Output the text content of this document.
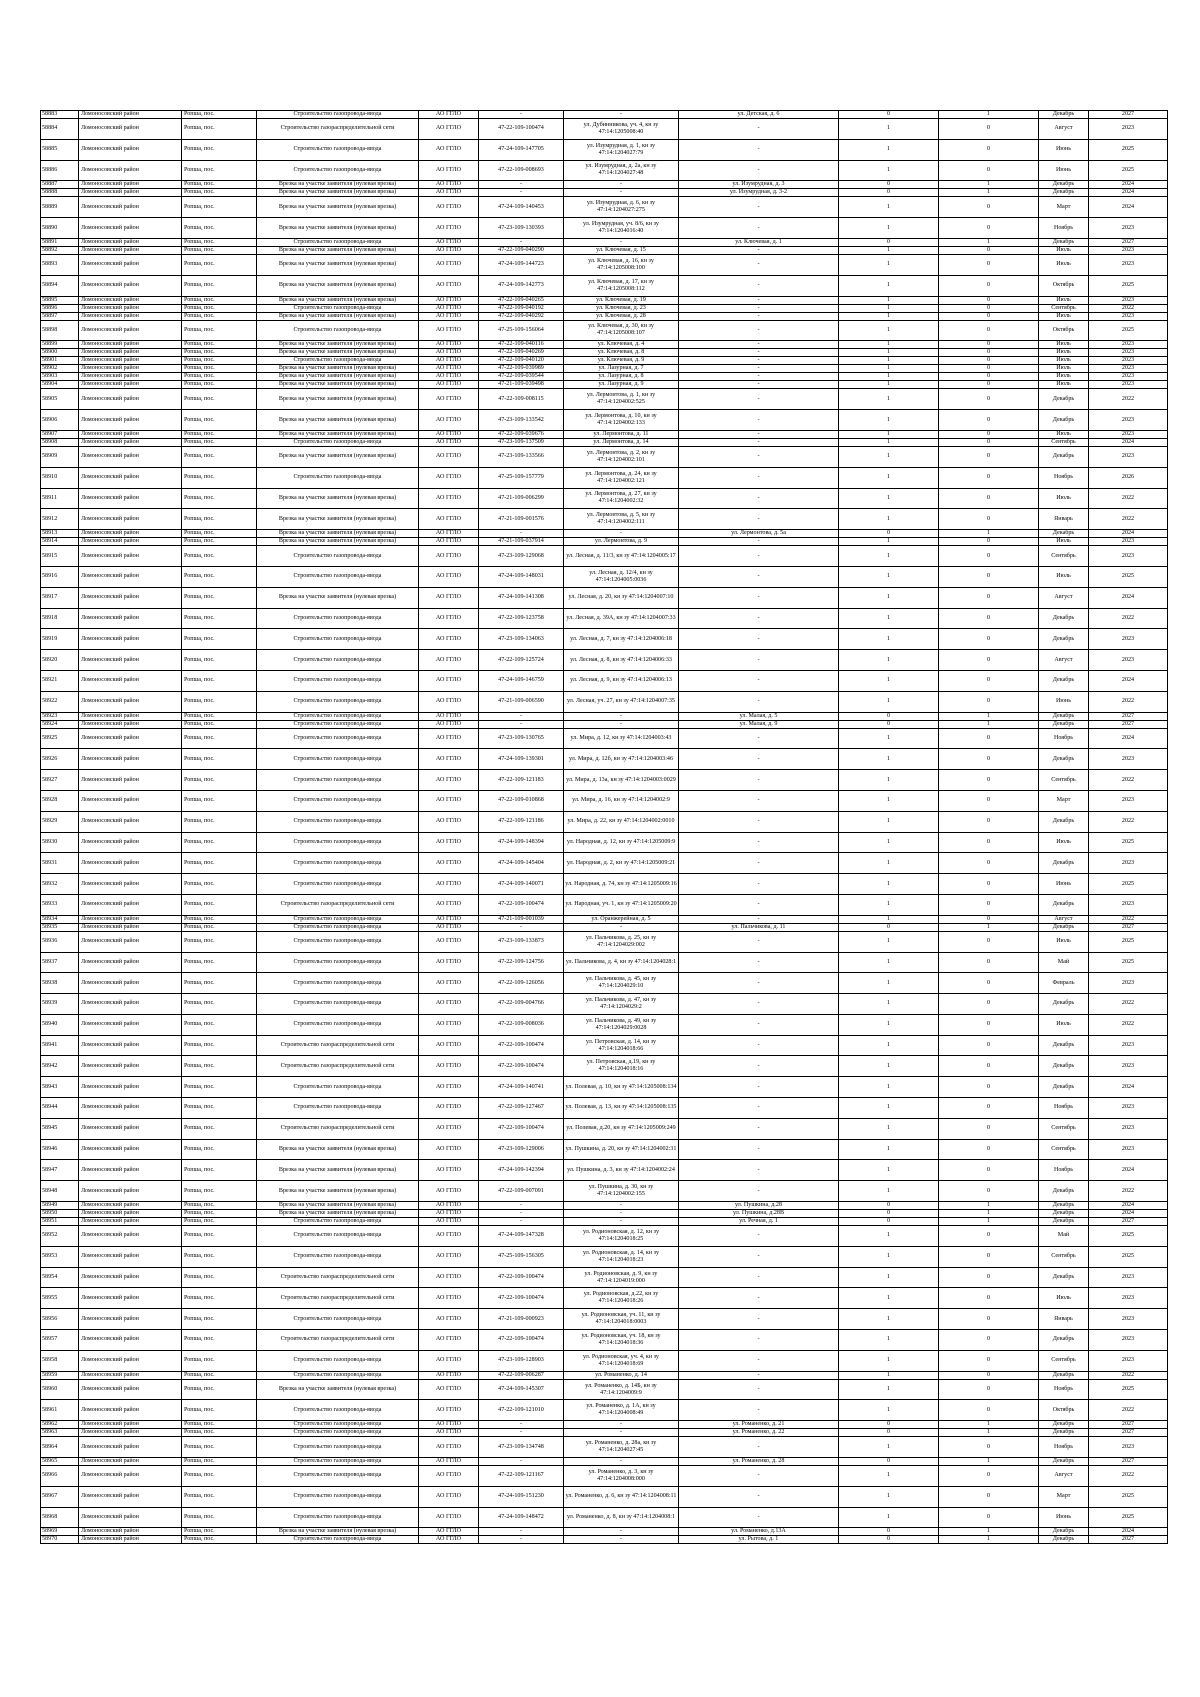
58883	Ломоносовский район	Ропша, пос.	Строительство газопровода-ввода	АО ГГЛО	-	-	ул. Детская, д. 6	0	1	Декабрь	2027
58884	Ломоносовский район	Ропша, пос.	Строительство газораспределительной сети	АО ГГЛО	47-22-109-100474	ул. Дубинникова, уч. 4, кн зу 47:14:1205008:40	-	1	0	Август	2023
58885	Ломоносовский район	Ропша, пос.	Строительство газопровода-ввода	АО ГГЛО	47-24-109-147705	ул. Изумрудная, д. 1, кн зу 47:14:1204027:79	-	1	0	Июнь	2025
58886	Ломоносовский район	Ропша, пос.	Строительство газопровода-ввода	АО ГГЛО	47-22-109-008693	ул. Изумрудная, д. 2а, кн зу 47:14:1204027:48	-	1	0	Июнь	2025
58887	Ломоносовский район	Ропша, пос.	Врезка на участке заявителя (нулевая врезка)	АО ГГЛО	-	-	ул. Изумрудная, д. 3	0	1	Декабрь	2024
58888	Ломоносовский район	Ропша, пос.	Врезка на участке заявителя (нулевая врезка)	АО ГГЛО	-	-	ул. Изумрудная, д. 3-2	0	1	Декабрь	2024
58889	Ломоносовский район	Ропша, пос.	Врезка на участке заявителя (нулевая врезка)	АО ГГЛО	47-24-109-140453	ул. Изумрудная, д. 6, кн зу 47:14:1204027:275	-	1	0	Март	2024
58890	Ломоносовский район	Ропша, пос.	Врезка на участке заявителя (нулевая врезка)	АО ГГЛО	47-23-109-130393	ул. Изумрудная, уч. 8/6, кн зу 47:14:1204016:40	-	1	0	Ноябрь	2023
58891	Ломоносовский район	Ропша, пос.	Строительство газопровода-ввода	АО ГГЛО	-	-	ул. Ключевая, д. 1	0	1	Декабрь	2027
58892	Ломоносовский район	Ропша, пос.	Врезка на участке заявителя (нулевая врезка)	АО ГГЛО	47-22-109-040290	ул. Ключевая, д. 15	-	1	0	Июль	2023
58893	Ломоносовский район	Ропша, пос.	Врезка на участке заявителя (нулевая врезка)	АО ГГЛО	47-24-109-144723	ул. Ключевая, д. 16, кн зу 47:14:1205008:100	-	1	0	Июль	2023
58894	Ломоносовский район	Ропша, пос.	Врезка на участке заявителя (нулевая врезка)	АО ГГЛО	47-24-109-142773	ул. Ключевая, д. 17, кн зу 47:14:1205008:112	-	1	0	Октябрь	2025
58895	Ломоносовский район	Ропша, пос.	Врезка на участке заявителя (нулевая врезка)	АО ГГЛО	47-22-109-040265	ул. Ключевая, д. 19	-	1	0	Июль	2023
58896	Ломоносовский район	Ропша, пос.	Строительство газопровода-ввода	АО ГГЛО	47-22-109-040192	ул. Ключевая, д. 23	-	1	0	Сентябрь	2022
58897	Ломоносовский район	Ропша, пос.	Врезка на участке заявителя (нулевая врезка)	АО ГГЛО	47-22-109-040292	ул. Ключевая, д. 28	-	1	0	Июль	2023
58898	Ломоносовский район	Ропша, пос.	Строительство газопровода-ввода	АО ГГЛО	47-25-109-156064	ул. Ключевая, д. 30, кн зу 47:14:1205008:107	-	1	0	Октябрь	2025
58899	Ломоносовский район	Ропша, пос.	Врезка на участке заявителя (нулевая врезка)	АО ГГЛО	47-22-109-040116	ул. Ключевая, д. 4	-	1	0	Июль	2023
58900	Ломоносовский район	Ропша, пос.	Врезка на участке заявителя (нулевая врезка)	АО ГГЛО	47-22-109-040269	ул. Ключевая, д. 8	-	1	0	Июль	2023
58901	Ломоносовский район	Ропша, пос.	Строительство газопровода-ввода	АО ГГЛО	47-22-109-040120	ул. Ключевая, д. 9	-	1	0	Июль	2023
58902	Ломоносовский район	Ропша, пос.	Врезка на участке заявителя (нулевая врезка)	АО ГГЛО	47-22-109-039989	ул. Лазурная, д. 7	-	1	0	Июль	2023
58903	Ломоносовский район	Ропша, пос.	Врезка на участке заявителя (нулевая врезка)	АО ГГЛО	47-22-109-039544	ул. Лазурная, д. 8	-	1	0	Июль	2023
58904	Ломоносовский район	Ропша, пос.	Врезка на участке заявителя (нулевая врезка)	АО ГГЛО	47-21-109-039498	ул. Лазурная, д. 9	-	1	0	Июль	2023
58905	Ломоносовский район	Ропша, пос.	Врезка на участке заявителя (нулевая врезка)	АО ГГЛО	47-22-109-008115	ул. Лермонтова, д. 1, кн зу 47:14:1204002:525	-	1	0	Декабрь	2022
58906	Ломоносовский район	Ропша, пос.	Врезка на участке заявителя (нулевая врезка)	АО ГГЛО	47-23-109-133542	ул. Лермонтова, д. 10, кн зу 47:14:1204002:133	-	1	0	Декабрь	2023
58907	Ломоносовский район	Ропша, пос.	Врезка на участке заявителя (нулевая врезка)	АО ГГЛО	47-22-109-039676	ул. Лермонтова, д. 11	-	1	0	Июль	2023
58908	Ломоносовский район	Ропша, пос.	Строительство газопровода-ввода	АО ГГЛО	47-23-109-137509	ул. Лермонтова, д. 14	-	1	0	Сентябрь	2024
58909	Ломоносовский район	Ропша, пос.	Врезка на участке заявителя (нулевая врезка)	АО ГГЛО	47-23-109-133566	ул. Лермонтова, д. 2, кн зу 47:14:1204002:101	-	1	0	Декабрь	2023
58910	Ломоносовский район	Ропша, пос.	Строительство газопровода-ввода	АО ГГЛО	47-25-109-157779	ул. Лермонтова, д. 24, кн зу 47:14:1204002:121	-	1	0	Ноябрь	2026
58911	Ломоносовский район	Ропша, пос.	Врезка на участке заявителя (нулевая врезка)	АО ГГЛО	47-21-109-006299	ул. Лермонтова, д. 27, кн зу 47:14:1204002:32	-	1	0	Июль	2022
58912	Ломоносовский район	Ропша, пос.	Врезка на участке заявителя (нулевая врезка)	АО ГГЛО	47-21-109-001576	ул. Лермонтова, д. 5, кн зу 47:14:1204002:111	-	1	0	Январь	2022
58913	Ломоносовский район	Ропша, пос.	Врезка на участке заявителя (нулевая врезка)	АО ГГЛО	-	-	ул. Лермонтова, д. 5а	0	1	Декабрь	2024
58914	Ломоносовский район	Ропша, пос.	Врезка на участке заявителя (нулевая врезка)	АО ГГЛО	47-21-109-037914	ул. Лермонтова, д. 9	-	1	0	Июль	2023
58915	Ломоносовский район	Ропша, пос.	Строительство газопровода-ввода	АО ГГЛО	47-23-109-129068	ул. Лесная, д. 11/3, кн зу 47:14:1204005:17	-	1	0	Сентябрь	2023
58916	Ломоносовский район	Ропша, пос.	Строительство газопровода-ввода	АО ГГЛО	47-24-109-148031	ул. Лесная, д. 12/4, кн зу 47:14:1204005:0036	-	1	0	Июль	2025
58917	Ломоносовский район	Ропша, пос.	Врезка на участке заявителя (нулевая врезка)	АО ГГЛО	47-24-109-141308	ул. Лесная, д. 20, кн зу 47:14:1204007:10	-	1	0	Август	2024
58918	Ломоносовский район	Ропша, пос.	Строительство газопровода-ввода	АО ГГЛО	47-22-109-123758	ул. Лесная, д. 39А, кн зу 47:14:1204007:33	-	1	0	Декабрь	2022
58919	Ломоносовский район	Ропша, пос.	Строительство газопровода-ввода	АО ГГЛО	47-23-109-134063	ул. Лесная, д. 7, кн зу 47:14:1204006:18	-	1	0	Декабрь	2023
58920	Ломоносовский район	Ропша, пос.	Строительство газопровода-ввода	АО ГГЛО	47-22-109-125724	ул. Лесная, д. 8, кн зу 47:14:1204006:33	-	1	0	Август	2023
58921	Ломоносовский район	Ропша, пос.	Строительство газопровода-ввода	АО ГГЛО	47-24-109-146759	ул. Лесная, д. 9, кн зу 47:14:1204006:13	-	1	0	Декабрь	2024
58922	Ломоносовский район	Ропша, пос.	Строительство газопровода-ввода	АО ГГЛО	47-21-109-006590	ул. Лесная, уч. 27, кн зу 47:14:1204007:35	-	1	0	Июнь	2022
58923	Ломоносовский район	Ропша, пос.	Строительство газопровода-ввода	АО ГГЛО	-	-	ул. Малая, д. 5	0	1	Декабрь	2027
58924	Ломоносовский район	Ропша, пос.	Строительство газопровода-ввода	АО ГГЛО	-	-	ул. Малая, д. 9	0	1	Декабрь	2027
58925	Ломоносовский район	Ропша, пос.	Строительство газопровода-ввода	АО ГГЛО	47-23-109-130765	ул. Мира, д. 12, кн зу 47:14:1204003:43	-	1	0	Ноябрь	2024
58926	Ломоносовский район	Ропша, пос.	Строительство газопровода-ввода	АО ГГЛО	47-24-109-139301	ул. Мира, д. 12б, кн зу 47:14:1204003:46	-	1	0	Декабрь	2023
58927	Ломоносовский район	Ропша, пос.	Строительство газопровода-ввода	АО ГГЛО	47-22-109-121183	ул. Мира, д. 13а, кн зу 47:14:1204003:0029	-	1	0	Сентябрь	2022
58928	Ломоносовский район	Ропша, пос.	Строительство газопровода-ввода	АО ГГЛО	47-22-109-010868	ул. Мира, д. 16, кн зу 47:14:1204002:9	-	1	0	Март	2023
58929	Ломоносовский район	Ропша, пос.	Строительство газопровода-ввода	АО ГГЛО	47-22-109-121186	ул. Мира, д. 22, кн зу 47:14:1204002:0010	-	1	0	Декабрь	2022
58930	Ломоносовский район	Ропша, пос.	Строительство газопровода-ввода	АО ГГЛО	47-24-109-148394	ул. Народная, д. 12, кн зу 47:14:1205009:9	-	1	0	Июль	2025
58931	Ломоносовский район	Ропша, пос.	Строительство газопровода-ввода	АО ГГЛО	47-24-109-145404	ул. Народная, д. 2, кн зу 47:14:1205009:21	-	1	0	Декабрь	2023
58932	Ломоносовский район	Ропша, пос.	Строительство газопровода-ввода	АО ГГЛО	47-24-109-140071	ул. Народная, д. 74, кн зу 47:14:1205009:16	-	1	0	Июнь	2025
58933	Ломоносовский район	Ропша, пос.	Строительство газораспределительной сети	АО ГГЛО	47-22-109-100474	ул. Народная, уч. 1, кн зу 47:14:1205009:20	-	1	0	Декабрь	2023
58934	Ломоносовский район	Ропша, пос.	Строительство газопровода-ввода	АО ГГЛО	47-21-109-001039	ул. Оранжерейная, д. 5	-	1	0	Август	2022
58935	Ломоносовский район	Ропша, пос.	Строительство газопровода-ввода	АО ГГЛО	-	-	ул. Пальчикова, д. 11	0	1	Декабрь	2027
58936	Ломоносовский район	Ропша, пос.	Строительство газопровода-ввода	АО ГГЛО	47-23-109-133873	ул. Пальчикова, д. 25, кн зу 47:14:1204029:002	-	1	0	Июль	2025
58937	Ломоносовский район	Ропша, пос.	Строительство газопровода-ввода	АО ГГЛО	47-22-109-124756	ул. Пальчикова, д. 4, кн зу 47:14:1204028:1	-	1	0	Май	2025
58938	Ломоносовский район	Ропша, пос.	Строительство газопровода-ввода	АО ГГЛО	47-22-109-126056	ул. Пальчикова, д. 45, кн зу 47:14:1204029:10	-	1	0	Февраль	2023
58939	Ломоносовский район	Ропша, пос.	Строительство газопровода-ввода	АО ГГЛО	47-22-109-004766	ул. Пальчикова, д. 47, кн зу 47:14:1204029:2	-	1	0	Декабрь	2022
58940	Ломоносовский район	Ропша, пос.	Строительство газопровода-ввода	АО ГГЛО	47-22-109-008036	ул. Пальчикова, д. 49, кн зу 47:14:1204029:0028	-	1	0	Июль	2022
58941	Ломоносовский район	Ропша, пос.	Строительство газораспределительной сети	АО ГГЛО	47-22-109-100474	ул. Петровская, д. 14, кн зу 47:14:1204018:66	-	1	0	Декабрь	2023
58942	Ломоносовский район	Ропша, пос.	Строительство газораспределительной сети	АО ГГЛО	47-22-109-100474	ул. Петровская, д.19, кн зу 47:14:1204018:16	-	1	0	Декабрь	2023
58943	Ломоносовский район	Ропша, пос.	Строительство газопровода-ввода	АО ГГЛО	47-24-109-140741	ул. Полевая, д. 10, кн зу 47:14:1205008:134	-	1	0	Декабрь	2024
58944	Ломоносовский район	Ропша, пос.	Строительство газопровода-ввода	АО ГГЛО	47-22-109-127467	ул. Полевая, д. 13, кн зу 47:14:1205008:135	-	1	0	Ноябрь	2023
58945	Ломоносовский район	Ропша, пос.	Строительство газораспределительной сети	АО ГГЛО	47-22-109-100474	ул. Полевая, д.20, кн зу 47:14:1205009:249	-	1	0	Сентябрь	2023
58946	Ломоносовский район	Ропша, пос.	Врезка на участке заявителя (нулевая врезка)	АО ГГЛО	47-23-109-129006	ул. Пушкина, д. 20, кн зу 47:14:1204002:31	-	1	0	Сентябрь	2023
58947	Ломоносовский район	Ропша, пос.	Врезка на участке заявителя (нулевая врезка)	АО ГГЛО	47-24-109-142394	ул. Пушкина, д. 3, кн зу 47:14:1204002:24	-	1	0	Ноябрь	2024
58948	Ломоносовский район	Ропша, пос.	Врезка на участке заявителя (нулевая врезка)	АО ГГЛО	47-22-109-007091	ул. Пушкина, д. 30, кн зу 47:14:1204002:155	-	1	0	Декабрь	2022
58949	Ломоносовский район	Ропша, пос.	Врезка на участке заявителя (нулевая врезка)	АО ГГЛО	-	-	ул. Пушкина, д.28	0	1	Декабрь	2024
58950	Ломоносовский район	Ропша, пос.	Врезка на участке заявителя (нулевая врезка)	АО ГГЛО	-	-	ул. Пушкина, д.28В	0	1	Декабрь	2024
58951	Ломоносовский район	Ропша, пос.	Строительство газопровода-ввода	АО ГГЛО	-	-	ул. Речная, д. 1	0	1	Декабрь	2027
58952	Ломоносовский район	Ропша, пос.	Строительство газопровода-ввода	АО ГГЛО	47-24-109-147328	ул. Родионовская, д. 12, кн зу 47:14:1204018:25	-	1	0	Май	2025
58953	Ломоносовский район	Ропша, пос.	Строительство газопровода-ввода	АО ГГЛО	47-25-109-156305	ул. Родионовская, д. 14, кн зу 47:14:1204018:23	-	1	0	Сентябрь	2025
58954	Ломоносовский район	Ропша, пос.	Строительство газораспределительной сети	АО ГГЛО	47-22-109-100474	ул. Родионовская, д. 9, кн зу 47:14:1204019:000	-	1	0	Декабрь	2023
58955	Ломоносовский район	Ропша, пос.	Строительство газораспределительной сети	АО ГГЛО	47-22-109-100474	ул. Родионовская, д.22, кн зу 47:14:1204018:26	-	1	0	Июль	2023
58956	Ломоносовский район	Ропша, пос.	Строительство газопровода-ввода	АО ГГЛО	47-21-109-000923	ул. Родионовская, уч. 11, кн зу 47:14:1204018:0003	-	1	0	Январь	2023
58957	Ломоносовский район	Ропша, пос.	Строительство газораспределительной сети	АО ГГЛО	47-22-109-100474	ул. Родионовская, уч. 18, кн зу 47:14:1204018:36	-	1	0	Декабрь	2023
58958	Ломоносовский район	Ропша, пос.	Строительство газопровода-ввода	АО ГГЛО	47-23-109-128903	ул. Родионовская, уч. 4, кн зу 47:14:1204018:69	-	1	0	Сентябрь	2023
58959	Ломоносовский район	Ропша, пос.	Строительство газопровода-ввода	АО ГГЛО	47-22-109-006287	ул. Романенко, д. 14	-	1	0	Декабрь	2022
58960	Ломоносовский район	Ропша, пос.	Врезка на участке заявителя (нулевая врезка)	АО ГГЛО	47-24-109-145307	ул. Романенко, д. 14Б, кн зу 47:14:1204009:9	-	1	0	Ноябрь	2025
58961	Ломоносовский район	Ропша, пос.	Строительство газопровода-ввода	АО ГГЛО	47-22-109-121010	ул. Романенко, д. 1А, кн зу 47:14:1204008:49	-	1	0	Октябрь	2022
58962	Ломоносовский район	Ропша, пос.	Строительство газопровода-ввода	АО ГГЛО	-	-	ул. Романенко, д. 21	0	1	Декабрь	2027
58963	Ломоносовский район	Ропша, пос.	Строительство газопровода-ввода	АО ГГЛО	-	-	ул. Романенко, д. 22	0	1	Декабрь	2027
58964	Ломоносовский район	Ропша, пос.	Строительство газопровода-ввода	АО ГГЛО	47-23-109-134748	ул. Романенко, д. 28а, кн зу 47:14:1204027:45	-	1	0	Ноябрь	2023
58965	Ломоносовский район	Ропша, пос.	Строительство газопровода-ввода	АО ГГЛО	-	-	ул. Романенко, д. 28	0	1	Декабрь	2027
58966	Ломоносовский район	Ропша, пос.	Строительство газопровода-ввода	АО ГГЛО	47-22-109-121167	ул. Романенко, д. 3, кн зу 47:14:1204008:000	-	1	0	Август	2022
58967	Ломоносовский район	Ропша, пос.	Строительство газопровода-ввода	АО ГГЛО	47-24-109-151230	ул. Романенко, д. 6, кн зу 47:14:1204008:11	-	1	0	Март	2025
58968	Ломоносовский район	Ропша, пос.	Строительство газопровода-ввода	АО ГГЛО	47-24-109-148472	ул. Романенко, д. 8, кн зу 47:14:1204008:1	-	1	0	Июнь	2025
58969	Ломоносовский район	Ропша, пос.	Врезка на участке заявителя (нулевая врезка)	АО ГГЛО	-	-	ул. Романенко, д.13А	0	1	Декабрь	2024
58970	Ломоносовский район	Ропша, пос.	Строительство газопровода-ввода	АО ГГЛО	-	-	ул. Рытова, д. 1	0	1	Декабрь	2027
